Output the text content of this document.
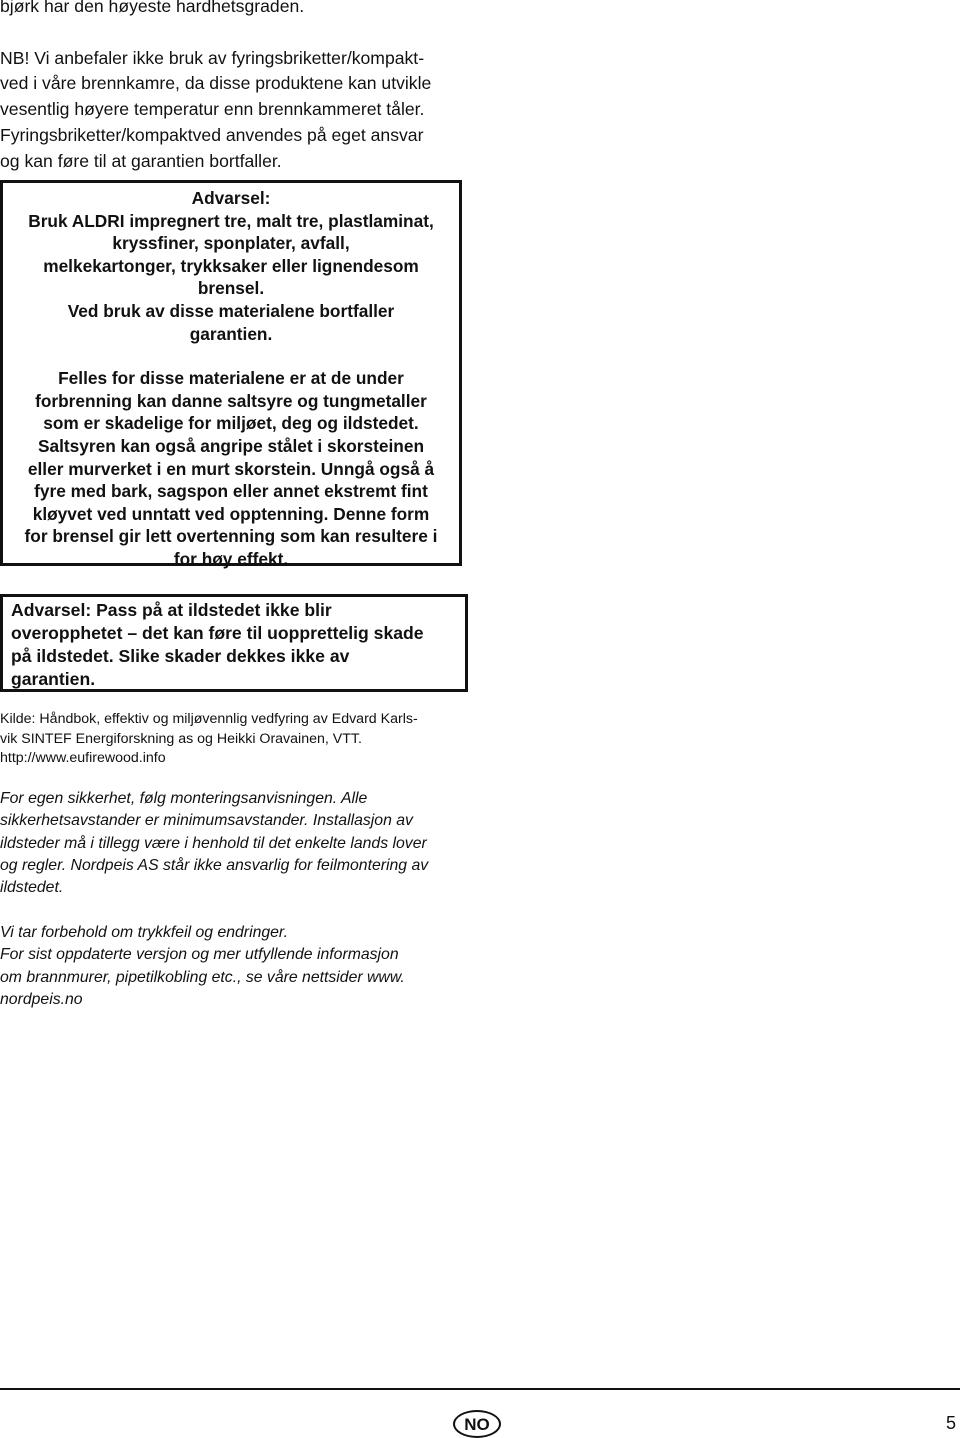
bjørk har den høyeste hardhetsgraden.

NB! Vi anbefaler ikke bruk av fyringsbriketter/kompakt-

ved i våre brennkamre, da disse produktene kan utvikle

vesentlig høyere temperatur enn brennkammeret tåler.

Fyringsbriketter/kompaktved anvendes på eget ansvar

og kan føre til at garantien bortfaller.

Advarsel:

Bruk ALDRI impregnert tre, malt tre, plastlaminat,

kryssfiner, sponplater, avfall,

melkekartonger, trykksaker eller lignendesom

brensel.

Ved bruk av disse materialene bortfaller

garantien.

Felles for disse materialene er at de under

forbrenning kan danne saltsyre og tungmetaller

som er skadelige for miljøet, deg og ildstedet.

Saltsyren kan også angripe stålet i skorsteinen

eller murverket i en murt skorstein. Unngå også å

fyre med bark, sagspon eller annet ekstremt fint

kløyvet ved unntatt ved opptenning. Denne form

for brensel gir lett overtenning som kan resultere i

for høy effekt.

Advarsel: Pass på at ildstedet ikke blir
overopphetet – det kan føre til uopprettelig skade
på ildstedet. Slike skader dekkes ikke av
garantien.

Kilde: Håndbok, effektiv og miljøvennlig vedfyring av Edvard Karls-

vik SINTEF Energiforskning as og Heikki Oravainen, VTT.

http://www.eufirewood.info

For egen sikkerhet, følg monteringsanvisningen. Alle

sikkerhetsavstander er minimumsavstander. Installasjon av

ildsteder må i tillegg være i henhold til det enkelte lands lover

og regler. Nordpeis AS står ikke ansvarlig for feilmontering av

ildstedet.

Vi tar forbehold om trykkfeil og endringer.

For sist oppdaterte versjon og mer utfyllende informasjon

om brannmurer, pipetilkobling etc., se våre nettsider www.

nordpeis.no

NO	5
